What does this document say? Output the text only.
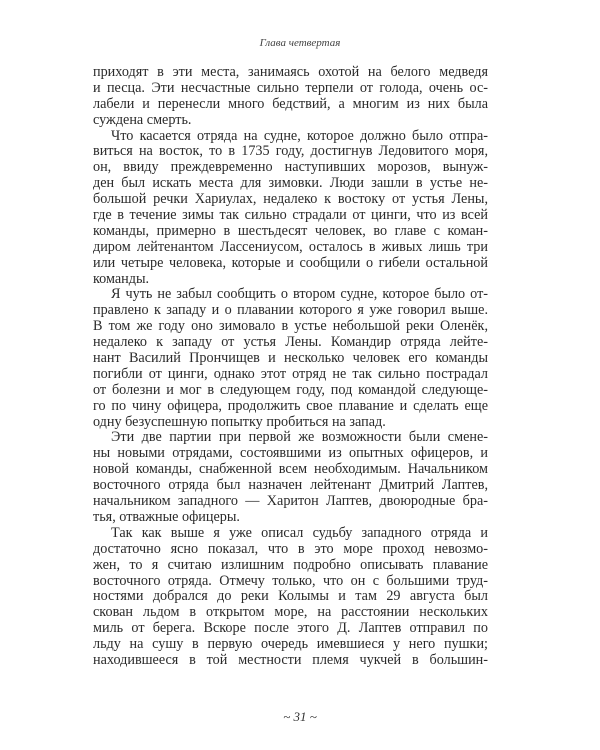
Глава четвертая
приходят в эти места, занимаясь охотой на белого медведя
и песца. Эти несчастные сильно терпели от голода, очень ос-
лабели и перенесли много бедствий, а многим из них была
суждена смерть.
Что касается отряда на судне, которое должно было отпра-
виться на восток, то в 1735 году, достигнув Ледовитого моря,
он, ввиду преждевременно наступивших морозов, вынуж-
ден был искать места для зимовки. Люди зашли в устье не-
большой речки Хариулах, недалеко к востоку от устья Лены,
где в течение зимы так сильно страдали от цинги, что из всей
команды, примерно в шестьдесят человек, во главе с коман-
диром лейтенантом Лассениусом, осталось в живых лишь три
или четыре человека, которые и сообщили о гибели остальной
команды.
Я чуть не забыл сообщить о втором судне, которое было от-
правлено к западу и о плавании которого я уже говорил выше.
В том же году оно зимовало в устье небольшой реки Оленёк,
недалеко к западу от устья Лены. Командир отряда лейте-
нант Василий Прончищев и несколько человек его команды
погибли от цинги, однако этот отряд не так сильно пострадал
от болезни и мог в следующем году, под командой следующе-
го по чину офицера, продолжить свое плавание и сделать еще
одну безуспешную попытку пробиться на запад.
Эти две партии при первой же возможности были смене-
ны новыми отрядами, состоявшими из опытных офицеров, и
новой команды, снабженной всем необходимым. Начальником
восточного отряда был назначен лейтенант Дмитрий Лаптев,
начальником западного — Харитон Лаптев, двоюродные бра-
тья, отважные офицеры.
Так как выше я уже описал судьбу западного отряда и
достаточно ясно показал, что в это море проход невозмо-
жен, то я считаю излишним подробно описывать плавание
восточного отряда. Отмечу только, что он с большими труд-
ностями добрался до реки Колымы и там 29 августа был
скован льдом в открытом море, на расстоянии нескольких
миль от берега. Вскоре после этого Д. Лаптев отправил по
льду на сушу в первую очередь имевшиеся у него пушки;
находившееся в той местности племя чукчей в большин-
~ 31 ~
